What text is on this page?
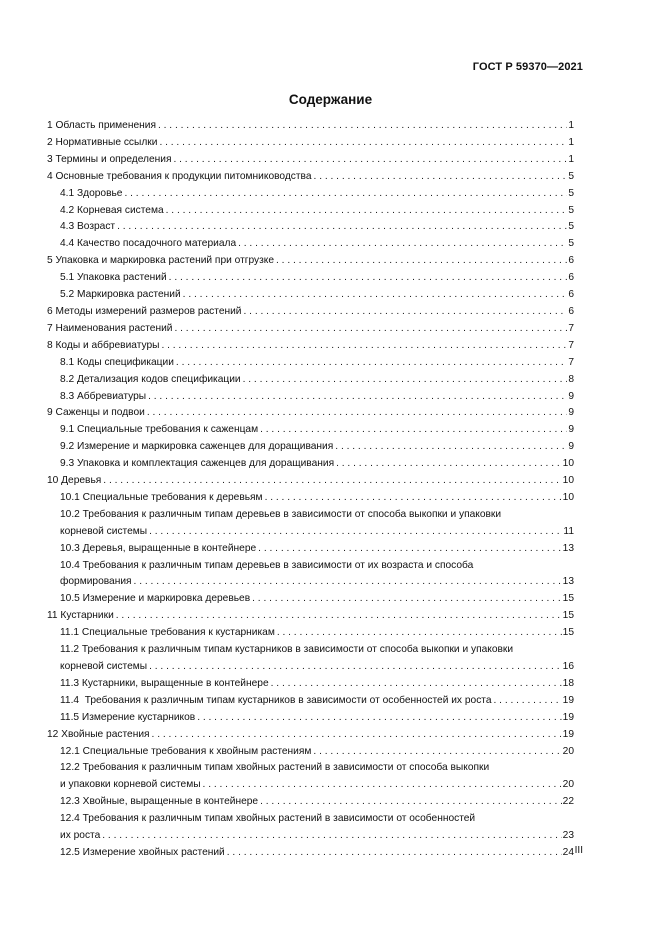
ГОСТ Р 59370—2021
Содержание
1 Область применения . . .	1
2 Нормативные ссылки . . .	1
3 Термины и определения . . .	1
4 Основные требования к продукции питомниководства . . .	5
4.1 Здоровье . . .	5
4.2 Корневая система . . .	5
4.3 Возраст . . .	5
4.4 Качество посадочного материала . . .	5
5 Упаковка и маркировка растений при отгрузке . . .	6
5.1 Упаковка растений . . .	6
5.2 Маркировка растений . . .	6
6 Методы измерений размеров растений . . .	6
7 Наименования растений . . .	7
8 Коды и аббревиатуры . . .	7
8.1 Коды спецификации . . .	7
8.2 Детализация кодов спецификации . . .	8
8.3 Аббревиатуры . . .	9
9 Саженцы и подвои . . .	9
9.1 Специальные требования к саженцам . . .	9
9.2 Измерение и маркировка саженцев для доращивания . . .	9
9.3 Упаковка и комплектация саженцев для доращивания . . .	10
10 Деревья . . .	10
10.1 Специальные требования к деревьям . . .	10
10.2 Требования к различным типам деревьев в зависимости от способа выкопки и упаковки
корневой системы . . .	11
10.3 Деревья, выращенные в контейнере . . .	13
10.4 Требования к различным типам деревьев в зависимости от их возраста и способа
формирования . . .	13
10.5 Измерение и маркировка деревьев . . .	15
11 Кустарники . . .	15
11.1 Специальные требования к кустарникам . . .	15
11.2 Требования к различным типам кустарников в зависимости от способа выкопки и упаковки
корневой системы . . .	16
11.3 Кустарники, выращенные в контейнере . . .	18
11.4  Требования к различным типам кустарников в зависимости от особенностей их роста . . .	19
11.5 Измерение кустарников . . .	19
12 Хвойные растения . . .	19
12.1 Специальные требования к хвойным растениям . . .	20
12.2 Требования к различным типам хвойных растений в зависимости от способа выкопки
и упаковки корневой системы . . .	20
12.3 Хвойные, выращенные в контейнере . . .	22
12.4 Требования к различным типам хвойных растений в зависимости от особенностей
их роста . . .	23
12.5 Измерение хвойных растений . . .	24 III
